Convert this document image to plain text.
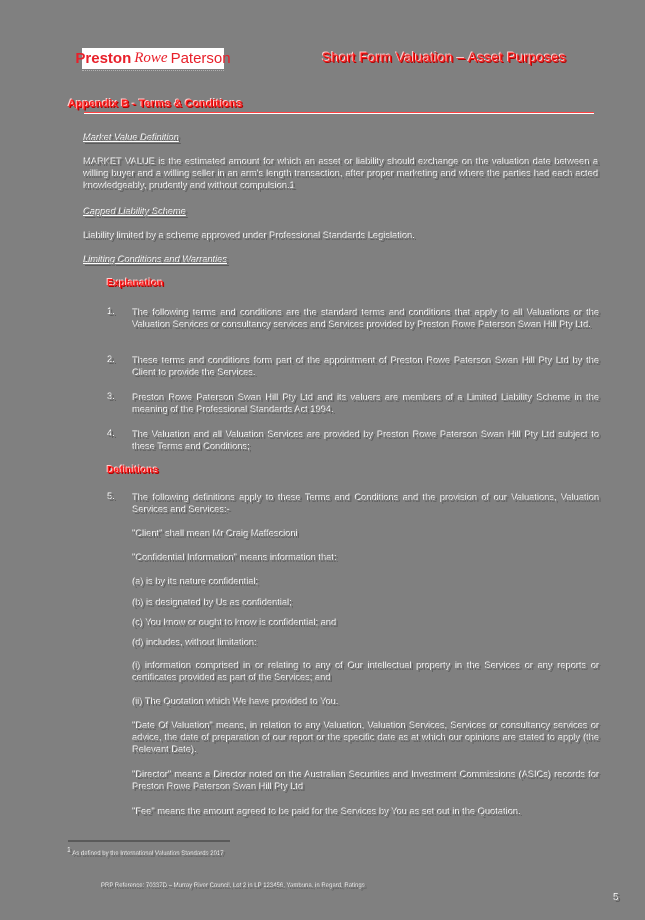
Preston Rowe Paterson	Short Form Valuation – Asset Purposes
Appendix B - Terms & Conditions
Market Value Definition
MARKET VALUE is the estimated amount for which an asset or liability should exchange on the valuation date between a willing buyer and a willing seller in an arm's length transaction, after proper marketing and where the parties had each acted knowledgeably, prudently and without compulsion.1
Capped Liability Scheme
Liability limited by a scheme approved under Professional Standards Legislation.
Limiting Conditions and Warranties
Explanation
1. The following terms and conditions are the standard terms and conditions that apply to all Valuations or the Valuation Services or consultancy services and Services provided by Preston Rowe Paterson Swan Hill Pty Ltd.
2. These terms and conditions form part of the appointment of Preston Rowe Paterson Swan Hill Pty Ltd by the Client to provide the Services.
3. Preston Rowe Paterson Swan Hill Pty Ltd and its valuers are members of a Limited Liability Scheme in the meaning of the Professional Standards Act 1994.
4. The Valuation and all Valuation Services are provided by Preston Rowe Paterson Swan Hill Pty Ltd subject to these Terms and Conditions;
Definitions
5. The following definitions apply to these Terms and Conditions and the provision of our Valuations, Valuation Services and Services:-
"Client" shall mean Mr Craig Maffescioni
"Confidential Information" means information that:
(a) is by its nature confidential;
(b) is designated by Us as confidential;
(c) You know or ought to know is confidential; and
(d) includes, without limitation:
(i) information comprised in or relating to any of Our intellectual property in the Services or any reports or certificates provided as part of the Services; and
(ii) The Quotation which We have provided to You.
"Date Of Valuation" means, in relation to any Valuation, Valuation Services, Services or consultancy services or advice, the date of preparation of our report or the specific date as at which our opinions are stated to apply (the Relevant Date).
"Director" means a Director noted on the Australian Securities and Investment Commissions (ASICs) records for Preston Rowe Paterson Swan Hill Pty Ltd
"Fee" means the amount agreed to be paid for the Services by You as set out in the Quotation.
$^1$ As defined by the International Valuation Standards 2017
PRP Reference: 70337D – Murray River Council, Lot 2 in LP 123456, Yambuna, in Regard, Ratings
5
